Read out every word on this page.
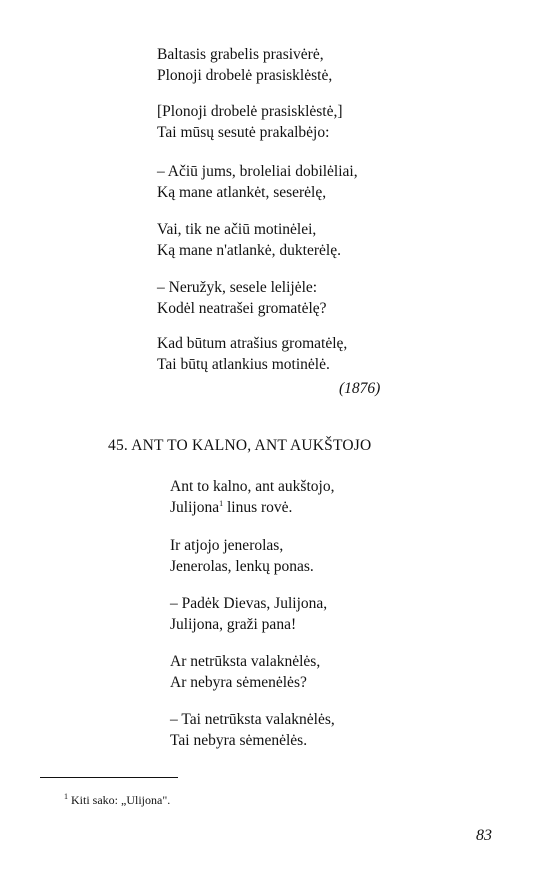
Baltasis grabelis prasivėrė,
Plonoji drobelė prasisklėstė,
[Plonoji drobelė prasisklėstė,]
Tai mūsų sesutė prakalbėjo:
– Ačiū jums, broleliai dobilėliai,
Ką mane atlankėt, seserėlę,
Vai, tik ne ačiū motinėlei,
Ką mane n'atlankė, dukterėlę.
– Neružyk, sesele lelijėle:
Kodėl neatrašei gromatėlę?
Kad būtum atrašius gromatėlę,
Tai būtų atlankius motinėlė.
(1876)
45. ANT TO KALNO, ANT AUKŠTOJO
Ant to kalno, ant aukštojo,
Julijona$^1$ linus rovė.
Ir atjojo jenerolas,
Jenerolas, lenkų ponas.
– Padėk Dievas, Julijona,
Julijona, graži pana!
Ar netrūksta valaknėlės,
Ar nebyra sėmenėlės?
– Tai netrūksta valaknėlės,
Tai nebyra sėmenėlės.
$^1$ Kiti sako: „Ulijona".
83
